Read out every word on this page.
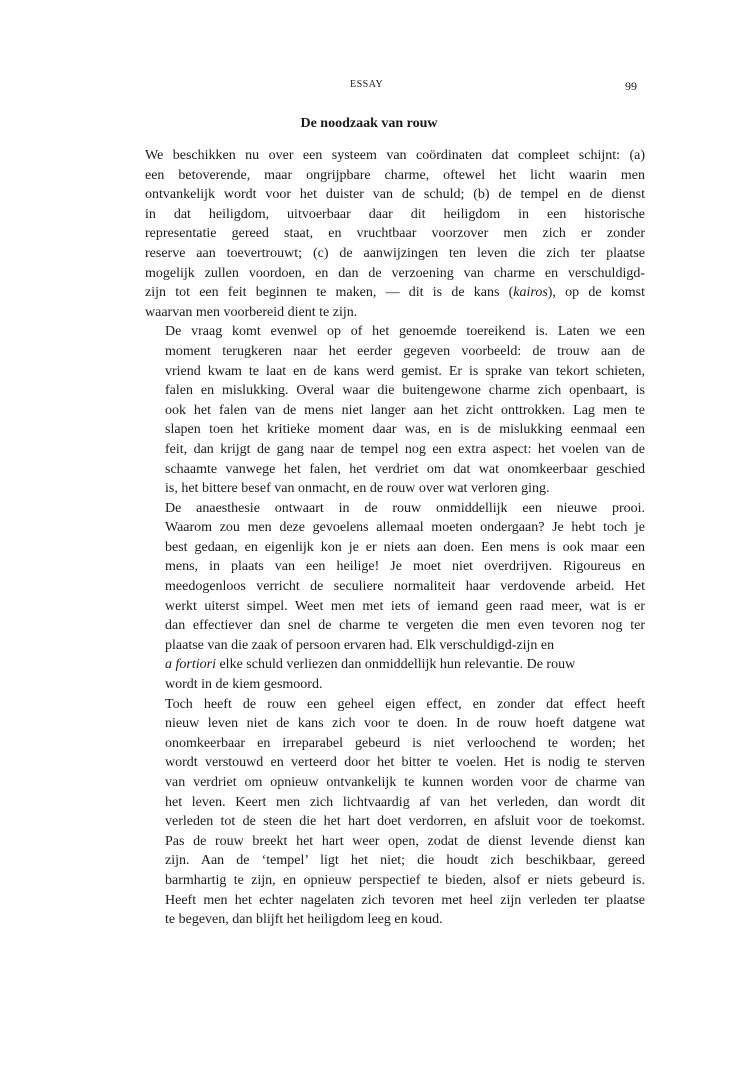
ESSAY	99
De noodzaak van rouw

We beschikken nu over een systeem van coördinaten dat compleet schijnt: (a)
een betoverende, maar ongrijpbare charme, oftewel het licht waarin men
ontvankelijk wordt voor het duister van de schuld; (b) de tempel en de dienst
in dat heiligdom, uitvoerbaar daar dit heiligdom in een historische
representatie gereed staat, en vruchtbaar voorzover men zich er zonder
reserve aan toevertrouwt; (c) de aanwijzingen ten leven die zich ter plaatse
mogelijk zullen voordoen, en dan de verzoening van charme en verschuldigd-
zijn tot een feit beginnen te maken, — dit is de kans (kairos), op de komst
waarvan men voorbereid dient te zijn.

De vraag komt evenwel op of het genoemde toereikend is. Laten we een
moment terugkeren naar het eerder gegeven voorbeeld: de trouw aan de
vriend kwam te laat en de kans werd gemist. Er is sprake van tekort schieten,
falen en mislukking. Overal waar die buitengewone charme zich openbaart, is
ook het falen van de mens niet langer aan het zicht onttrokken. Lag men te
slapen toen het kritieke moment daar was, en is de mislukking eenmaal een
feit, dan krijgt de gang naar de tempel nog een extra aspect: het voelen van de
schaamte vanwege het falen, het verdriet om dat wat onomkeerbaar geschied
is, het bittere besef van onmacht, en de rouw over wat verloren ging.

De anaesthesie ontwaart in de rouw onmiddellijk een nieuwe prooi.
Waarom zou men deze gevoelens allemaal moeten ondergaan? Je hebt toch je
best gedaan, en eigenlijk kon je er niets aan doen. Een mens is ook maar een
mens, in plaats van een heilige! Je moet niet overdrijven. Rigoureus en
meedogenloos verricht de seculiere normaliteit haar verdovende arbeid. Het
werkt uiterst simpel. Weet men met iets of iemand geen raad meer, wat is er
dan effectiever dan snel de charme te vergeten die men even tevoren nog ter
plaatse van die zaak of persoon ervaren had. Elk verschuldigd-zijn en
a fortiori elke schuld verliezen dan onmiddellijk hun relevantie. De rouw
wordt in de kiem gesmoord.

Toch heeft de rouw een geheel eigen effect, en zonder dat effect heeft
nieuw leven niet de kans zich voor te doen. In de rouw hoeft datgene wat
onomkeerbaar en irreparabel gebeurd is niet verloochend te worden; het
wordt verstouwd en verteerd door het bitter te voelen. Het is nodig te sterven
van verdriet om opnieuw ontvankelijk te kunnen worden voor de charme van
het leven. Keert men zich lichtvaardig af van het verleden, dan wordt dit
verleden tot de steen die het hart doet verdorren, en afsluit voor de toekomst.
Pas de rouw breekt het hart weer open, zodat de dienst levende dienst kan
zijn. Aan de ‘tempel’ ligt het niet; die houdt zich beschikbaar, gereed
barmhartig te zijn, en opnieuw perspectief te bieden, alsof er niets gebeurd is.
Heeft men het echter nagelaten zich tevoren met heel zijn verleden ter plaatse
te begeven, dan blijft het heiligdom leeg en koud.
